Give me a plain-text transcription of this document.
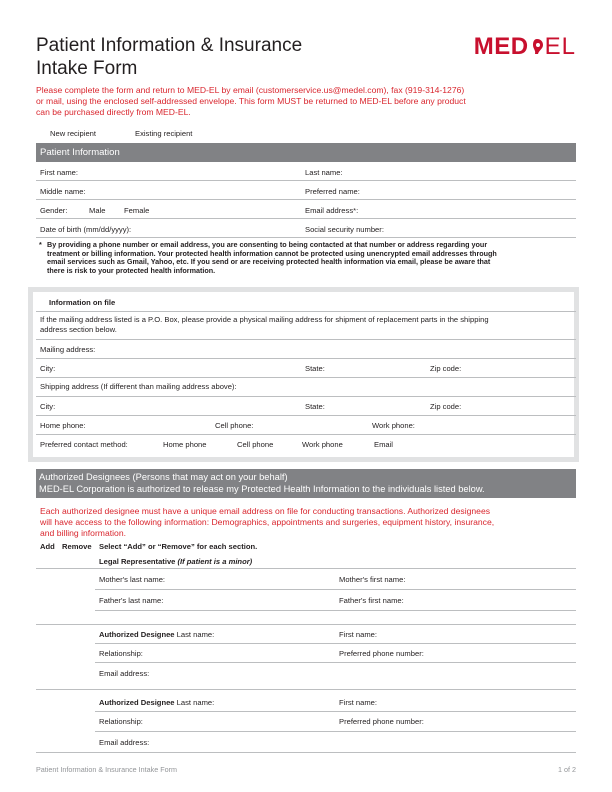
Patient Information & Insurance
Intake Form
MED EL
Please complete the form and return to MED-EL by email (customerservice.us@medel.com), fax (919-314-1276)
or mail, using the enclosed self-addressed envelope. This form MUST be returned to MED-EL before any product
can be purchased directly from MED-EL.
New recipient	Existing recipient
Patient Information
First name:	Last name:
Middle name:	Preferred name:
Gender:	Male Female	Email address*:
Date of birth (mm/dd/yyyy):	Social security number:
* By providing a phone number or email address, you are consenting to being contacted at that number or address regarding your
treatment or billing information. Your protected health information cannot be protected using unencrypted email addresses through
email services such as Gmail, Yahoo, etc. If you send or are receiving protected health information via email, please be aware that
there is risk to your protected health information.
Information on file
If the mailing address listed is a P.O. Box, please provide a physical mailing address for shipment of replacement parts in the shipping
address section below.
Mailing address:
City:	State:	Zip code:
Shipping address (If different than mailing address above):
City:	State:	Zip code:
Home phone:	Cell phone:	Work phone:
Preferred contact method:	Home phone	Cell phone	Work phone	Email
Authorized Designees (Persons that may act on your behalf)
MED-EL Corporation is authorized to release my Protected Health Information to the individuals listed below.
Each authorized designee must have a unique email address on file for conducting transactions. Authorized designees
will have access to the following information: Demographics, appointments and surgeries, equipment history, insurance,
and billing information.
Add Remove Select “Add” or “Remove” for each section.
Legal Representative (If patient is a minor)
Mother's last name:	Mother's first name:
Father's last name:	Father's first name:
Authorized Designee Last name:	First name:
Relationship:	Preferred phone number:
Email address:
Authorized Designee Last name:	First name:
Relationship:	Preferred phone number:
Email address:
Patient Information & Insurance Intake Form	1 of 2
